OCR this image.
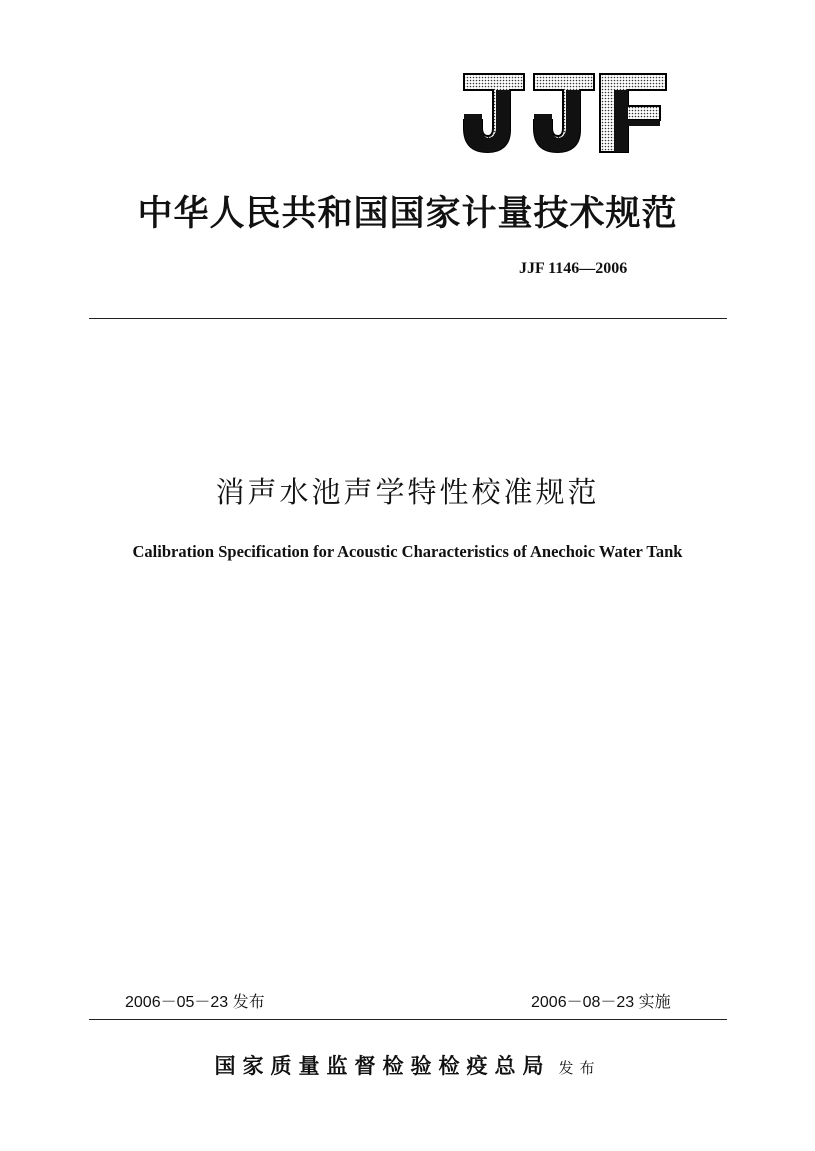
中华人民共和国国家计量技术规范
JJF 1146—2006
消声水池声学特性校准规范
Calibration Specification for Acoustic Characteristics of Anechoic Water Tank
2006－05－23 发布	2006－08－23 实施
国家质量监督检验检疫总局 发布
